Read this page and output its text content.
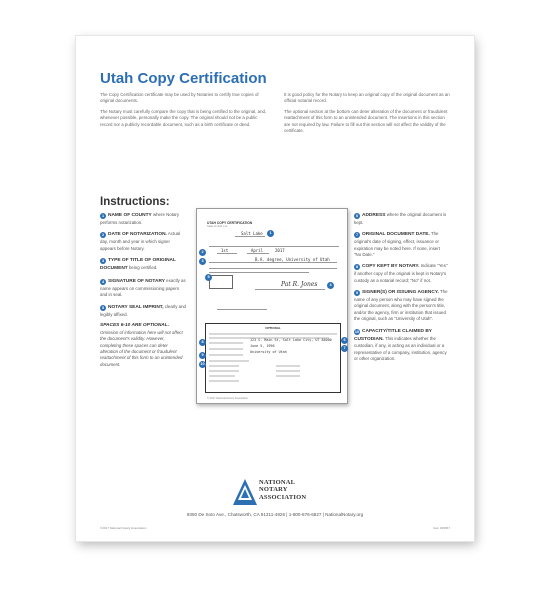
Utah Copy Certification

The Copy Certification certificate may be used by Notaries to certify true copies of original documents.

The Notary must carefully compare the copy that is being certified to the original, and, whenever possible, personally make the copy. The original should not be a public record nor a publicly recordable document, such as a birth certificate or deed.

It is good policy for the Notary to keep an original copy of the original document as an official notarial record.

The optional section at the bottom can deter alteration of the document or fraudulent reattachment of this form to an unintended document. The insertions in this section are not required by law. Failure to fill out this section will not affect the validity of the certificate.

Instructions:
1 NAME OF COUNTY where Notary performs notarization.
2 DATE OF NOTARIZATION. Actual day, month and year in which signer appears before Notary.
3 TYPE OF TITLE OF ORIGINAL DOCUMENT being certified.
4 SIGNATURE OF NOTARY exactly as name appears on commissioning papers and in seal.
5 NOTARY SEAL IMPRINT, clearly and legibly affixed.
SPACES 6-10 ARE OPTIONAL.
Omission of information here will not affect the document's validity. However, completing these spaces can deter alteration of the document or fraudulent reattachment of this form to an unintended document.
UTAH COPY CERTIFICATION
State of Utah } ss.
Salt Lake	1
1st	April	2017
2
B.A. degree, University of Utah
3
5
Pat R. Jones	4
OPTIONAL
123 S. Main St, Salt Lake City, UT 84000
June 5, 1996
University of Utah
8
9
10
6
7
© 2017 National Notary Association
6 ADDRESS where the original document is kept.
7 ORIGINAL DOCUMENT DATE. The original's date of signing, effect, issuance or expiration may be noted here. If none, insert "No Date."
8 COPY KEPT BY NOTARY. Indicate "Yes" if another copy of the original is kept in Notary's custody as a notarial record; "No" if not.
9 SIGNER(S) OR ISSUING AGENCY. The name of any person who may have signed the original document, along with the person's title, and/or the agency, firm or institution that issued the original, such as "University of Utah".
10 CAPACITY/TITLE CLAIMED BY CUSTODIAN. This indicates whether the custodian, if any, is acting as an individual or a representative of a company, institution, agency or other organization.
NATIONAL
NOTARY
ASSOCIATION
9350 De Soto Ave., Chatsworth, CA 91311-4926 | 1-800-876-6827 | NationalNotary.org
©2017 National Notary Association	Item #25967
